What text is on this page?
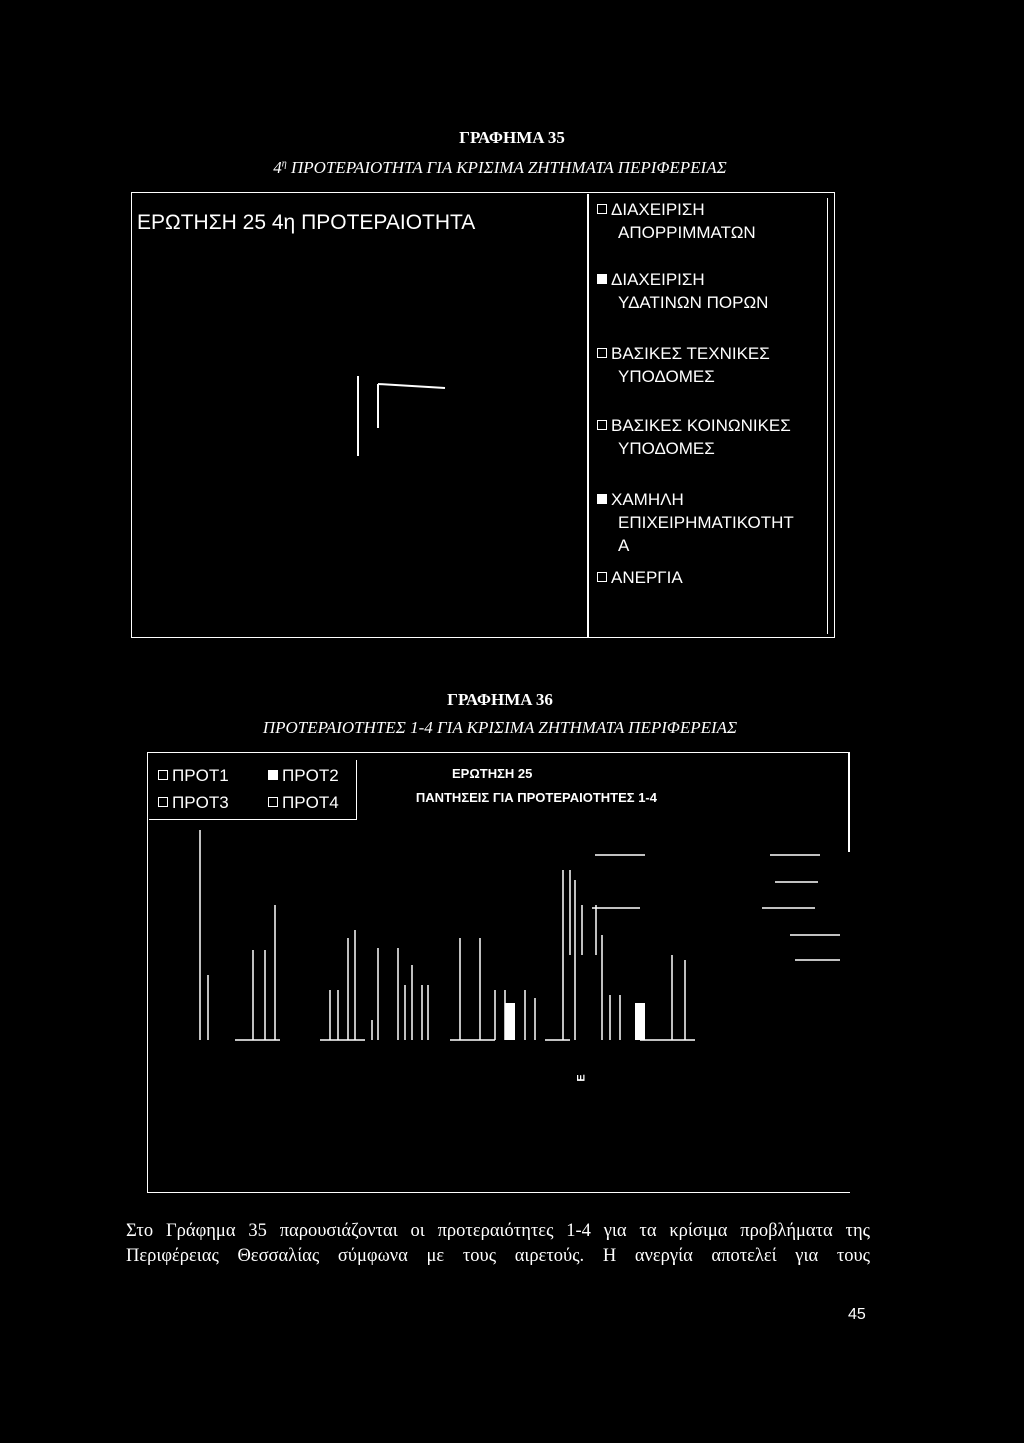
ΓΡΑΦΗΜΑ 35
$4^\eta$ ΠΡΟΤΕΡΑΙΟΤΗΤΑ ΓΙΑ ΚΡΙΣΙΜΑ ΖΗΤΗΜΑΤΑ ΠΕΡΙΦΕΡΕΙΑΣ
ΕΡΩΤΗΣΗ 25 4η ΠΡΟΤΕΡΑΙΟΤΗΤΑ
ΔΙΑΧΕΙΡΙΣΗ
ΑΠΟΡΡΙΜΜΑΤΩΝ
ΔΙΑΧΕΙΡΙΣΗ
ΥΔΑΤΙΝΩΝ ΠΟΡΩΝ
ΒΑΣΙΚΕΣ ΤΕΧΝΙΚΕΣ
ΥΠΟΔΟΜΕΣ
ΒΑΣΙΚΕΣ ΚΟΙΝΩΝΙΚΕΣ
ΥΠΟΔΟΜΕΣ
ΧΑΜΗΛΗ
ΕΠΙΧΕΙΡΗΜΑΤΙΚΟΤΗΤ
Α
ΑΝΕΡΓΙΑ
ΓΡΑΦΗΜΑ 36
ΠΡΟΤΕΡΑΙΟΤΗΤΕΣ 1-4 ΓΙΑ ΚΡΙΣΙΜΑ ΖΗΤΗΜΑΤΑ ΠΕΡΙΦΕΡΕΙΑΣ
ΠΡΟΤ1	ΠΡΟΤ2
ΠΡΟΤ3	ΠΡΟΤ4
ΕΡΩΤΗΣΗ 25
ΠΑΝΤΗΣΕΙΣ ΓΙΑ ΠΡΟΤΕΡΑΙΟΤΗΤΕΣ 1-4
Ε
Στο Γράφημα 35 παρουσιάζονται οι προτεραιότητες 1-4 για τα κρίσιμα προβλήματα της
Περιφέρειας Θεσσαλίας σύμφωνα με τους αιρετούς. Η ανεργία αποτελεί για τους
45
